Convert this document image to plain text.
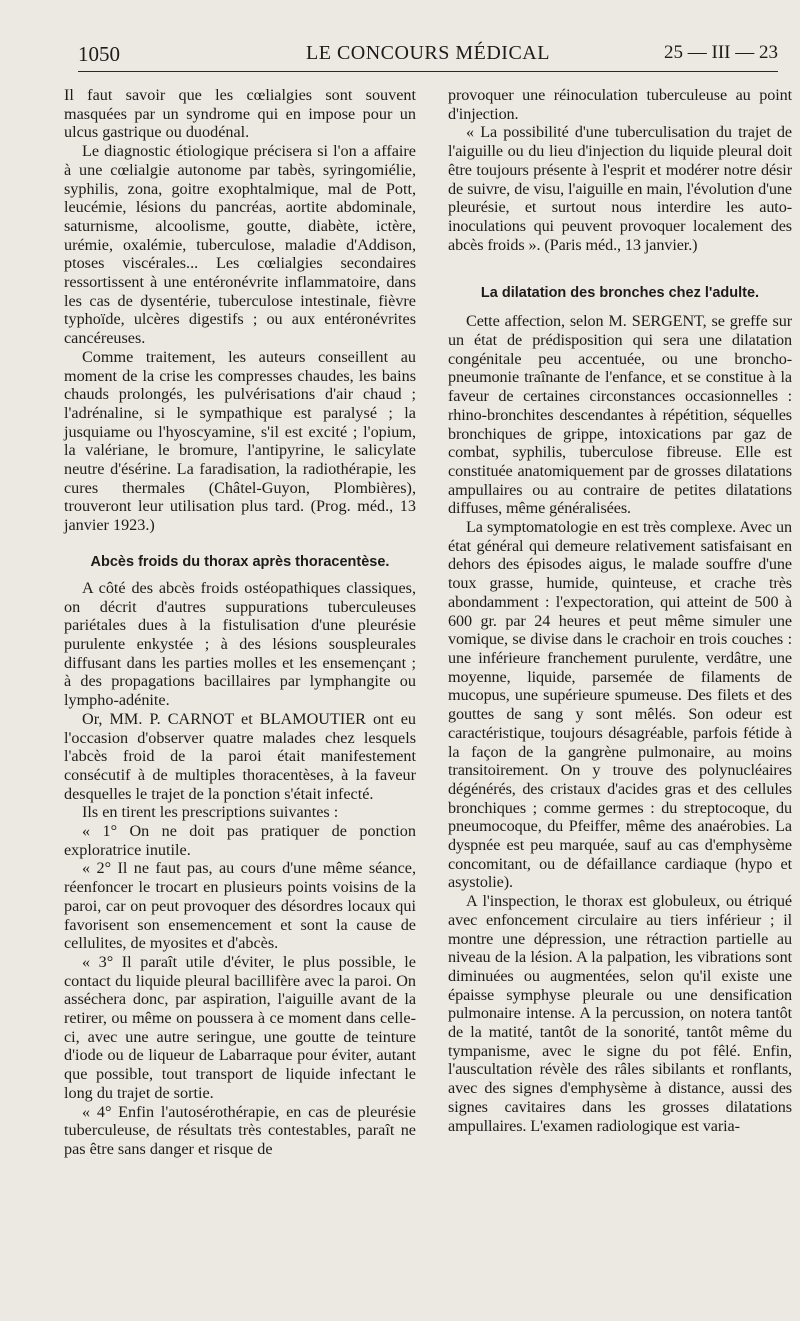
1050	LE CONCOURS MÉDICAL	25 — III — 23

Il faut savoir que les cœlialgies sont souvent masquées par un syndrome qui en impose pour un ulcus gastrique ou duodénal.

Le diagnostic étiologique précisera si l'on a affaire à une cœlialgie autonome par tabès, syringomiélie, syphilis, zona, goitre exophtalmique, mal de Pott, leucémie, lésions du pancréas, aortite abdominale, saturnisme, alcoolisme, goutte, diabète, ictère, urémie, oxalémie, tuberculose, maladie d'Addison, ptoses viscérales... Les cœlialgies secondaires ressortissent à une entéronévrite inflammatoire, dans les cas de dysentérie, tuberculose intestinale, fièvre typhoïde, ulcères digestifs ; ou aux entéronévrites cancéreuses.

Comme traitement, les auteurs conseillent au moment de la crise les compresses chaudes, les bains chauds prolongés, les pulvérisations d'air chaud ; l'adrénaline, si le sympathique est paralysé ; la jusquiame ou l'hyoscyamine, s'il est excité ; l'opium, la valériane, le bromure, l'antipyrine, le salicylate neutre d'ésérine. La faradisation, la radiothérapie, les cures thermales (Châtel-Guyon, Plombières), trouveront leur utilisation plus tard. (Prog. méd., 13 janvier 1923.)

Abcès froids du thorax après thoracentèse.

A côté des abcès froids ostéopathiques classiques, on décrit d'autres suppurations tuberculeuses pariétales dues à la fistulisation d'une pleurésie purulente enkystée ; à des lésions souspleurales diffusant dans les parties molles et les ensemençant ; à des propagations bacillaires par lymphangite ou lympho-adénite.

Or, MM. P. CARNOT et BLAMOUTIER ont eu l'occasion d'observer quatre malades chez lesquels l'abcès froid de la paroi était manifestement consécutif à de multiples thoracentèses, à la faveur desquelles le trajet de la ponction s'était infecté.

Ils en tirent les prescriptions suivantes :

« 1° On ne doit pas pratiquer de ponction exploratrice inutile.

« 2° Il ne faut pas, au cours d'une même séance, réenfoncer le trocart en plusieurs points voisins de la paroi, car on peut provoquer des désordres locaux qui favorisent son ensemencement et sont la cause de cellulites, de myosites et d'abcès.

« 3° Il paraît utile d'éviter, le plus possible, le contact du liquide pleural bacillifère avec la paroi. On asséchera donc, par aspiration, l'aiguille avant de la retirer, ou même on poussera à ce moment dans celle-ci, avec une autre seringue, une goutte de teinture d'iode ou de liqueur de Labarraque pour éviter, autant que possible, tout transport de liquide infectant le long du trajet de sortie.

« 4° Enfin l'autosérothérapie, en cas de pleurésie tuberculeuse, de résultats très contestables, paraît ne pas être sans danger et risque de

provoquer une réinoculation tuberculeuse au point d'injection.

« La possibilité d'une tuberculisation du trajet de l'aiguille ou du lieu d'injection du liquide pleural doit être toujours présente à l'esprit et modérer notre désir de suivre, de visu, l'aiguille en main, l'évolution d'une pleurésie, et surtout nous interdire les auto-inoculations qui peuvent provoquer localement des abcès froids ». (Paris méd., 13 janvier.)

La dilatation des bronches chez l'adulte.

Cette affection, selon M. SERGENT, se greffe sur un état de prédisposition qui sera une dilatation congénitale peu accentuée, ou une broncho-pneumonie traînante de l'enfance, et se constitue à la faveur de certaines circonstances occasionnelles : rhino-bronchites descendantes à répétition, séquelles bronchiques de grippe, intoxications par gaz de combat, syphilis, tuberculose fibreuse. Elle est constituée anatomiquement par de grosses dilatations ampullaires ou au contraire de petites dilatations diffuses, même généralisées.

La symptomatologie en est très complexe. Avec un état général qui demeure relativement satisfaisant en dehors des épisodes aigus, le malade souffre d'une toux grasse, humide, quinteuse, et crache très abondamment : l'expectoration, qui atteint de 500 à 600 gr. par 24 heures et peut même simuler une vomique, se divise dans le crachoir en trois couches : une inférieure franchement purulente, verdâtre, une moyenne, liquide, parsemée de filaments de mucopus, une supérieure spumeuse. Des filets et des gouttes de sang y sont mêlés. Son odeur est caractéristique, toujours désagréable, parfois fétide à la façon de la gangrène pulmonaire, au moins transitoirement. On y trouve des polynucléaires dégénérés, des cristaux d'acides gras et des cellules bronchiques ; comme germes : du streptocoque, du pneumocoque, du Pfeiffer, même des anaérobies. La dyspnée est peu marquée, sauf au cas d'emphysème concomitant, ou de défaillance cardiaque (hypo et asystolie).

A l'inspection, le thorax est globuleux, ou étriqué avec enfoncement circulaire au tiers inférieur ; il montre une dépression, une rétraction partielle au niveau de la lésion. A la palpation, les vibrations sont diminuées ou augmentées, selon qu'il existe une épaisse symphyse pleurale ou une densification pulmonaire intense. A la percussion, on notera tantôt de la matité, tantôt de la sonorité, tantôt même du tympanisme, avec le signe du pot fêlé. Enfin, l'auscultation révèle des râles sibilants et ronflants, avec des signes d'emphysème à distance, aussi des signes cavitaires dans les grosses dilatations ampullaires. L'examen radiologique est varia-
